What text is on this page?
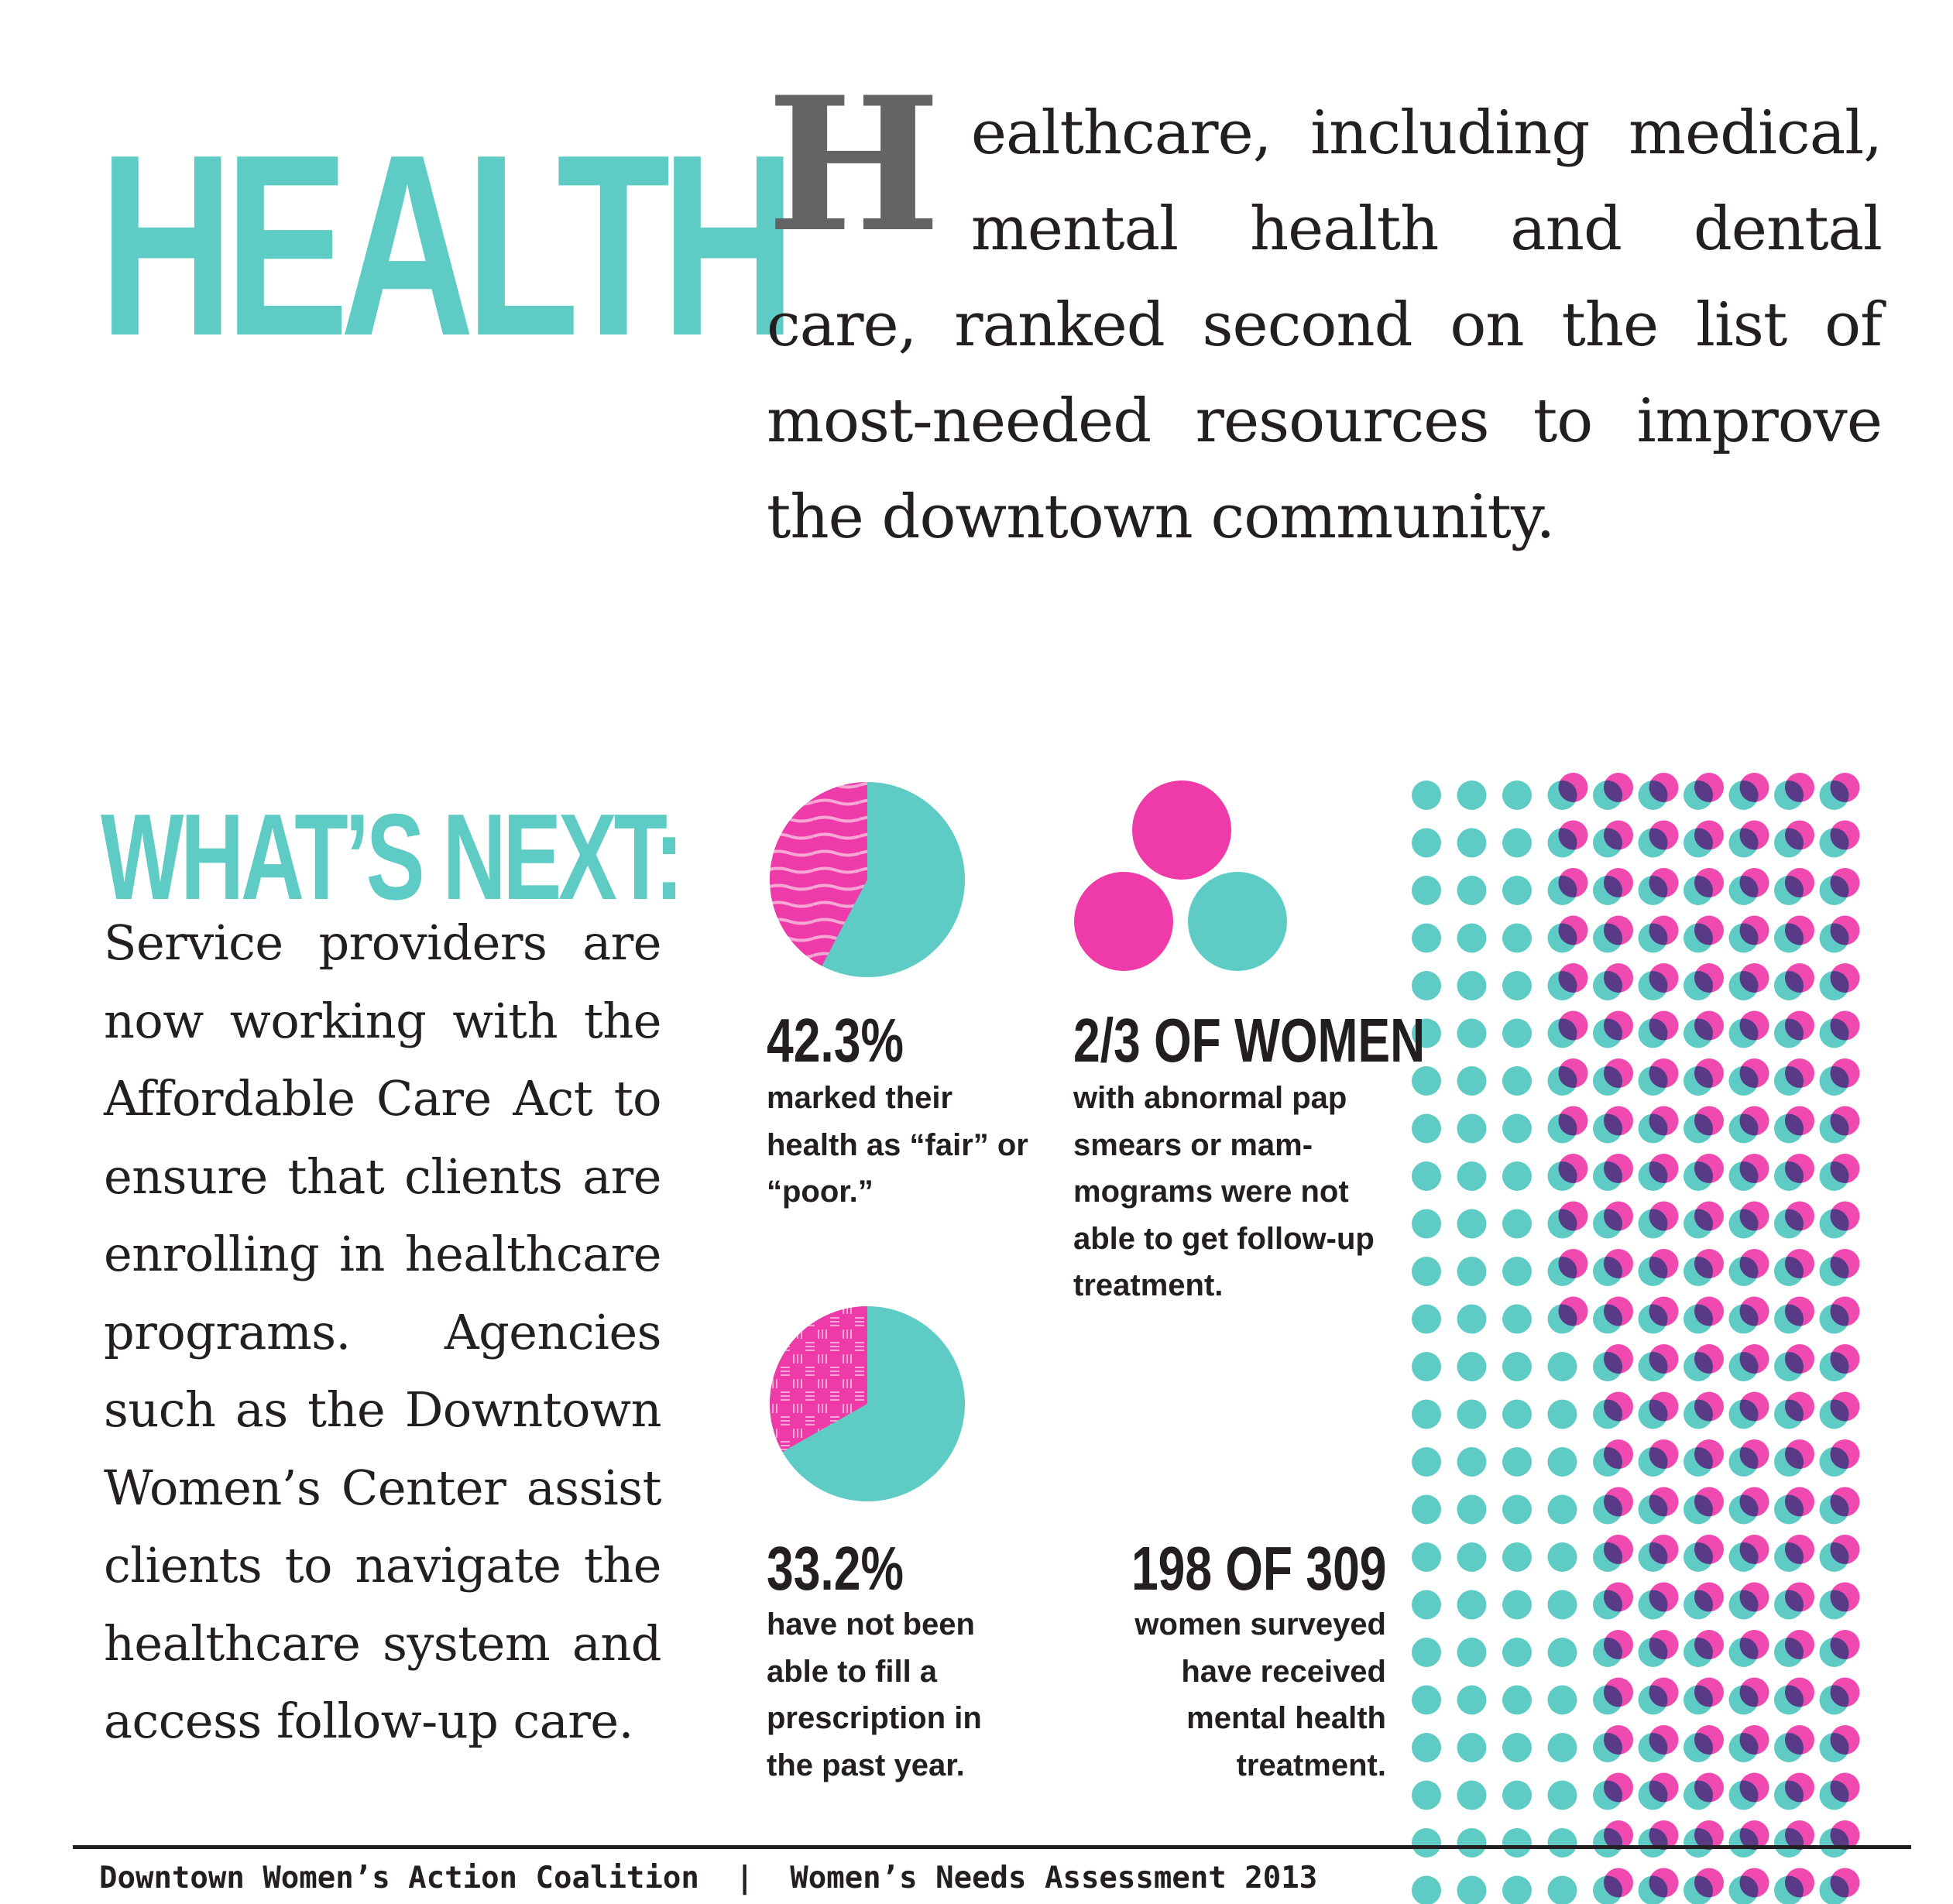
HEALTH
H ealthcare, including medical, mental health and dental care, ranked second on the list of most-needed resources to improve the downtown community.
WHAT’S NEXT:
Service providers are now working with the Affordable Care Act to ensure that clients are enrolling in healthcare programs. Agencies such as the Downtown Women’s Center assist clients to navigate the healthcare system and access follow-up care.
42.3%
marked their health as “fair” or “poor.”
2/3 OF WOMEN
with abnormal pap smears or mam-mograms were not able to get follow-up treatment.
33.2%
have not been able to fill a prescription in the past year.
198 OF 309
women surveyed have received mental health treatment.
Downtown Women’s Action Coalition | Women’s Needs Assessment 2013
